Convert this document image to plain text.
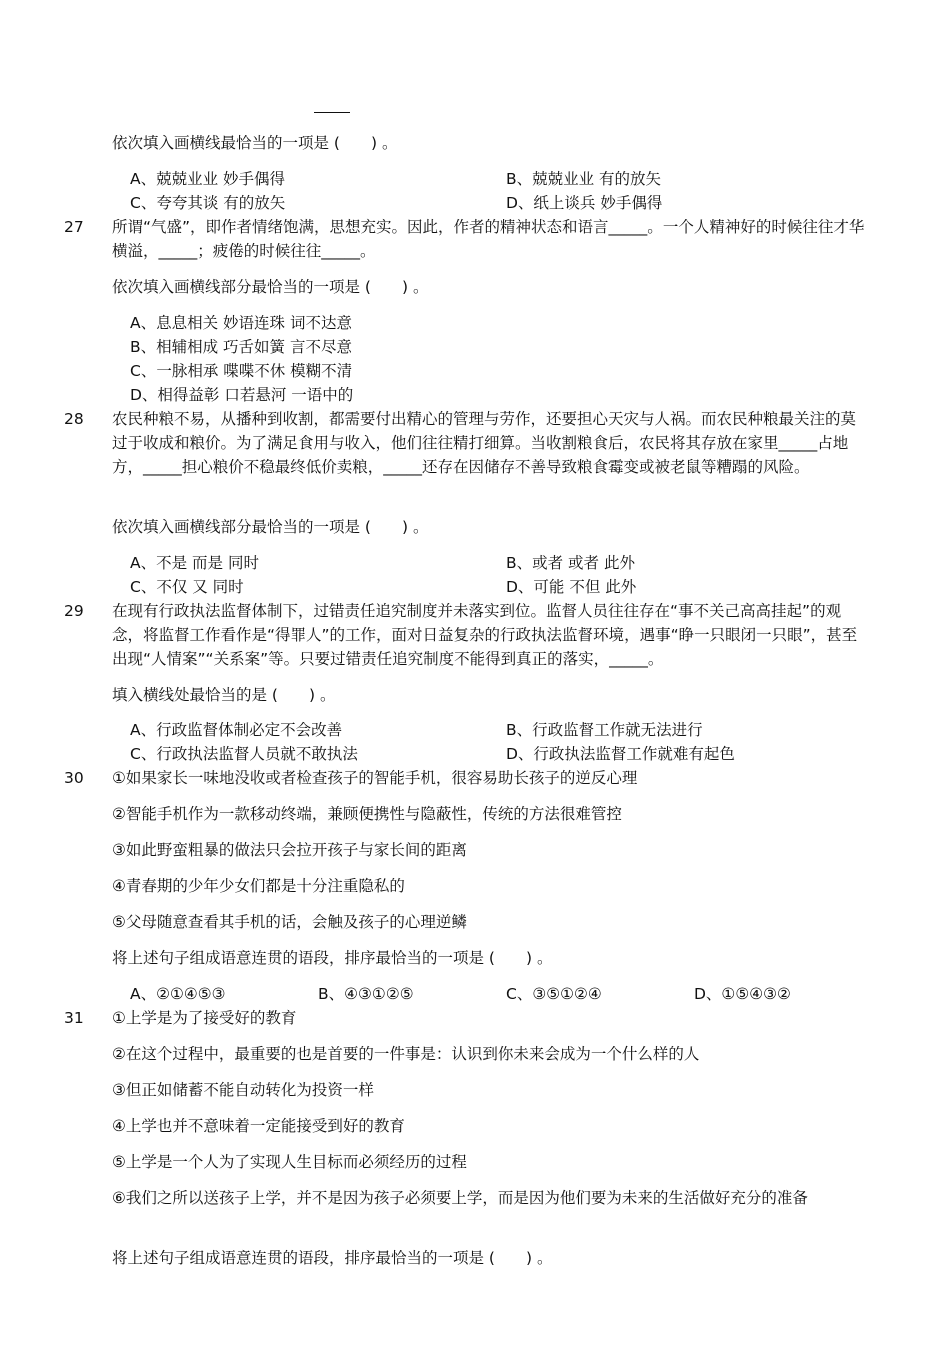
依次填入画横线最恰当的一项是 (　　) 。
A、兢兢业业 妙手偶得	B、兢兢业业 有的放矢
C、夸夸其谈 有的放矢	D、纸上谈兵 妙手偶得
27 所谓“气盛”，即作者情绪饱满，思想充实。因此，作者的精神状态和语言_____。一个人精神好的时候往往才华横溢，_____；疲倦的时候往往_____。
依次填入画横线部分最恰当的一项是 (　　) 。
A、息息相关 妙语连珠 词不达意
B、相辅相成 巧舌如簧 言不尽意
C、一脉相承 喋喋不休 模糊不清
D、相得益彰 口若悬河 一语中的
28 农民种粮不易，从播种到收割，都需要付出精心的管理与劳作，还要担心天灾与人祸。而农民种粮最关注的莫过于收成和粮价。为了满足食用与收入，他们往往精打细算。当收割粮食后，农民将其存放在家里_____占地方，_____担心粮价不稳最终低价卖粮，_____还存在因储存不善导致粮食霉变或被老鼠等糟蹋的风险。
依次填入画横线部分最恰当的一项是 (　　) 。
A、不是 而是 同时	B、或者 或者 此外
C、不仅 又 同时	D、可能 不但 此外
29 在现有行政执法监督体制下，过错责任追究制度并未落实到位。监督人员往往存在“事不关己高高挂起”的观念，将监督工作看作是“得罪人”的工作，面对日益复杂的行政执法监督环境，遇事“睁一只眼闭一只眼”，甚至出现“人情案”“关系案”等。只要过错责任追究制度不能得到真正的落实，_____。
填入横线处最恰当的是 (　　) 。
A、行政监督体制必定不会改善	B、行政监督工作就无法进行
C、行政执法监督人员就不敢执法	D、行政执法监督工作就难有起色
30 ①如果家长一味地没收或者检查孩子的智能手机，很容易助长孩子的逆反心理
②智能手机作为一款移动终端，兼顾便携性与隐蔽性，传统的方法很难管控
③如此野蛮粗暴的做法只会拉开孩子与家长间的距离
④青春期的少年少女们都是十分注重隐私的
⑤父母随意查看其手机的话，会触及孩子的心理逆鳞
将上述句子组成语意连贯的语段，排序最恰当的一项是 (　　) 。
A、②①④⑤③	B、④③①②⑤	C、③⑤①②④	D、①⑤④③②
31 ①上学是为了接受好的教育
②在这个过程中，最重要的也是首要的一件事是：认识到你未来会成为一个什么样的人
③但正如储蓄不能自动转化为投资一样
④上学也并不意味着一定能接受到好的教育
⑤上学是一个人为了实现人生目标而必须经历的过程
⑥我们之所以送孩子上学，并不是因为孩子必须要上学，而是因为他们要为未来的生活做好充分的准备
将上述句子组成语意连贯的语段，排序最恰当的一项是 (　　) 。
